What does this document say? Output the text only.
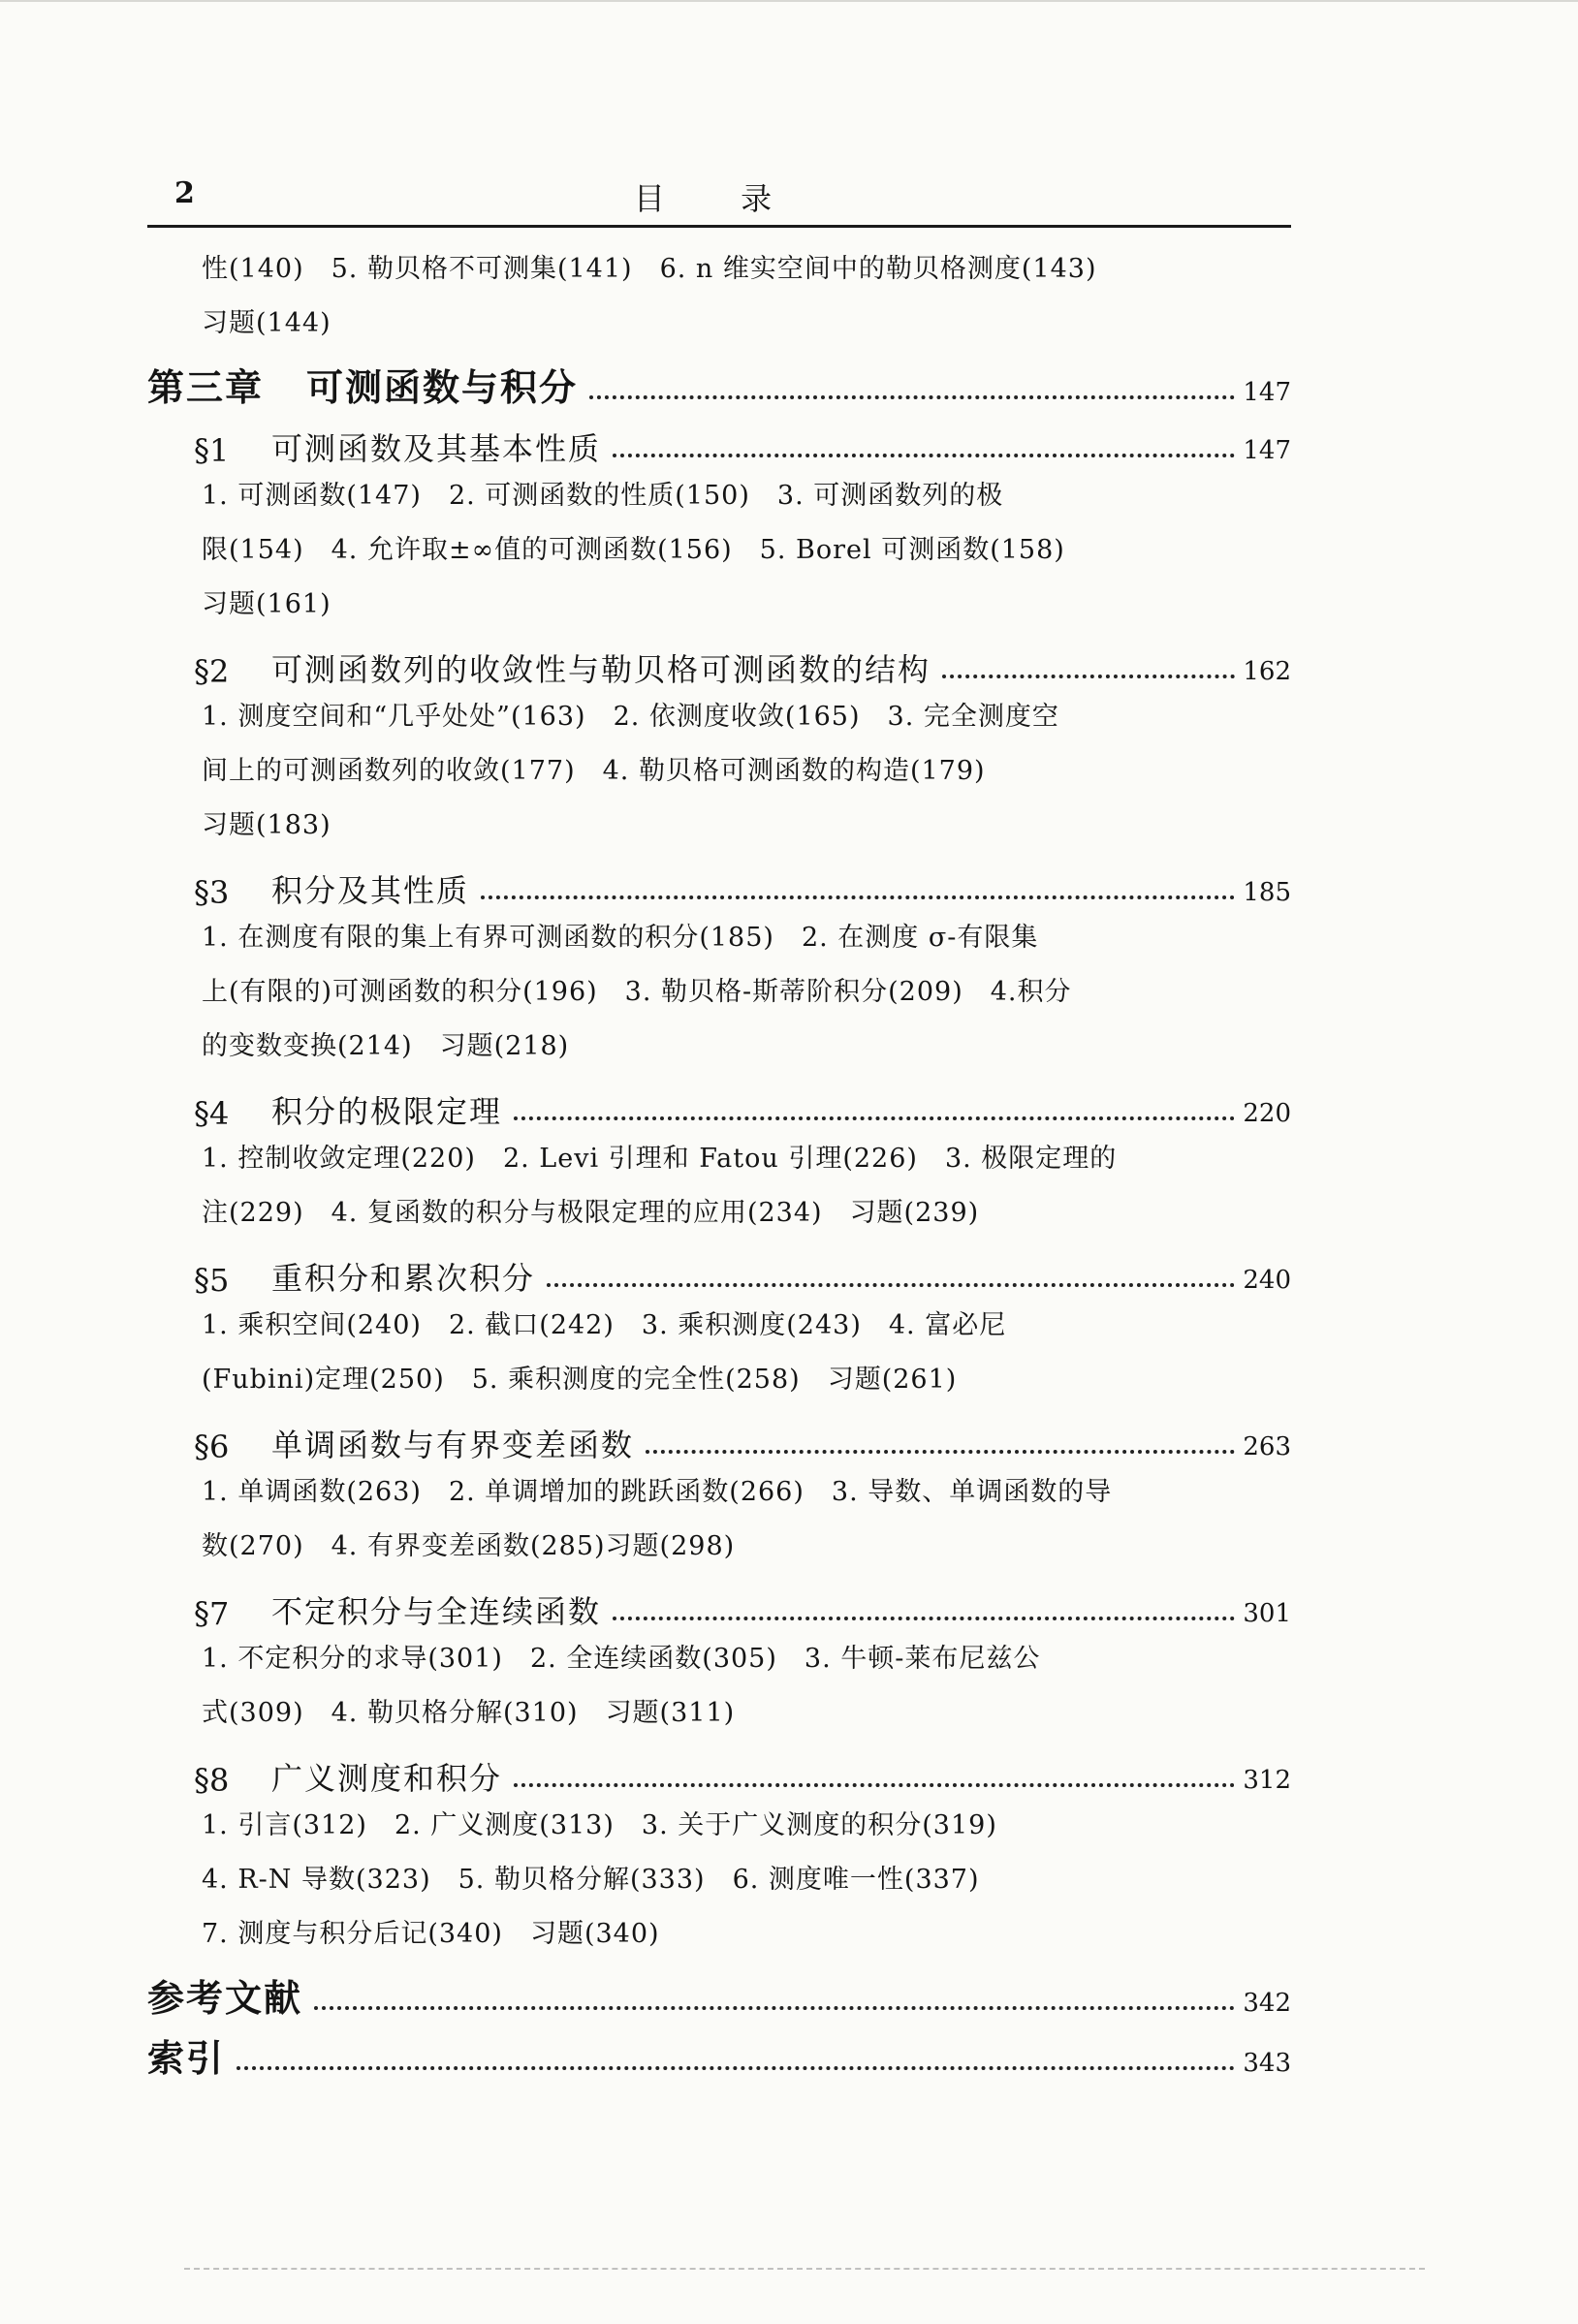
2	目 录
性(140) 5. 勒贝格不可测集(141) 6. n 维实空间中的勒贝格测度(143)
习题(144)
第三章 可测函数与积分	147
§1	可测函数及其基本性质	147
1. 可测函数(147) 2. 可测函数的性质(150) 3. 可测函数列的极
限(154) 4. 允许取±∞值的可测函数(156) 5. Borel 可测函数(158)
习题(161)
§2	可测函数列的收敛性与勒贝格可测函数的结构	162
1. 测度空间和“几乎处处”(163) 2. 依测度收敛(165) 3. 完全测度空
间上的可测函数列的收敛(177) 4. 勒贝格可测函数的构造(179)
习题(183)
§3	积分及其性质	185
1. 在测度有限的集上有界可测函数的积分(185) 2. 在测度 σ-有限集
上(有限的)可测函数的积分(196) 3. 勒贝格-斯蒂阶积分(209) 4.积分
的变数变换(214) 习题(218)
§4	积分的极限定理	220
1. 控制收敛定理(220) 2. Levi 引理和 Fatou 引理(226) 3. 极限定理的
注(229) 4. 复函数的积分与极限定理的应用(234) 习题(239)
§5	重积分和累次积分	240
1. 乘积空间(240) 2. 截口(242) 3. 乘积测度(243) 4. 富必尼
(Fubini)定理(250) 5. 乘积测度的完全性(258) 习题(261)
§6	单调函数与有界变差函数	263
1. 单调函数(263) 2. 单调增加的跳跃函数(266) 3. 导数、单调函数的导
数(270) 4. 有界变差函数(285)习题(298)
§7	不定积分与全连续函数	301
1. 不定积分的求导(301) 2. 全连续函数(305) 3. 牛顿-莱布尼兹公
式(309) 4. 勒贝格分解(310) 习题(311)
§8	广义测度和积分	312
1. 引言(312) 2. 广义测度(313) 3. 关于广义测度的积分(319)
4. R-N 导数(323) 5. 勒贝格分解(333) 6. 测度唯一性(337)
7. 测度与积分后记(340) 习题(340)
参考文献	342
索引	343
